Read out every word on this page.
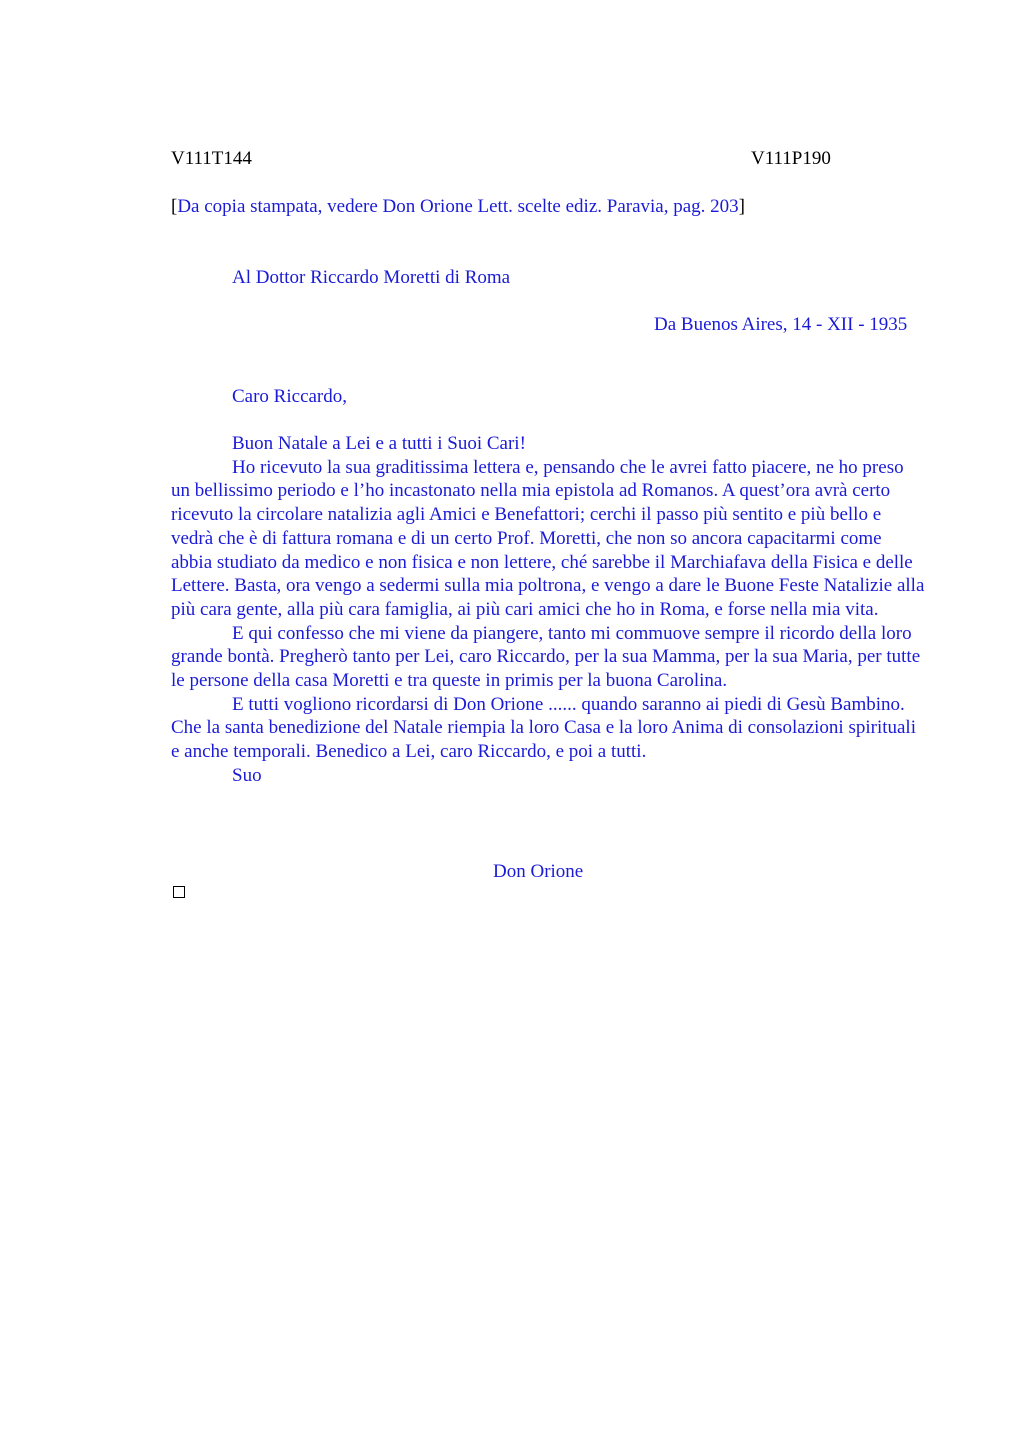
V111T144	V111P190
[Da copia stampata, vedere Don Orione Lett. scelte ediz. Paravia, pag. 203]
Al Dottor Riccardo Moretti di Roma
Da Buenos Aires, 14 - XII - 1935
Caro Riccardo,

Buon Natale a Lei e a tutti i Suoi Cari!

Ho ricevuto la sua graditissima lettera e, pensando che le avrei fatto piacere, ne ho preso un bellissimo periodo e l’ho incastonato nella mia epistola ad Romanos. A quest’ora avrà certo ricevuto la circolare natalizia agli Amici e Benefattori; cerchi il passo più sentito e più bello e vedrà che è di fattura romana e di un certo Prof. Moretti, che non so ancora capacitarmi come abbia studiato da medico e non fisica e non lettere, ché sarebbe il Marchiafava della Fisica e delle Lettere. Basta, ora vengo a sedermi sulla mia poltrona, e vengo a dare le Buone Feste Natalizie alla più cara gente, alla più cara famiglia, ai più cari amici che ho in Roma, e forse nella mia vita.

E qui confesso che mi viene da piangere, tanto mi commuove sempre il ricordo della loro grande bontà. Pregherò tanto per Lei, caro Riccardo, per la sua Mamma, per la sua Maria, per tutte le persone della casa Moretti e tra queste in primis per la buona Carolina.

E tutti vogliono ricordarsi di Don Orione ...... quando saranno ai piedi di Gesù Bambino. Che la santa benedizione del Natale riempia la loro Casa e la loro Anima di consolazioni spirituali e anche temporali. Benedico a Lei, caro Riccardo, e poi a tutti.

Suo

Don Orione
